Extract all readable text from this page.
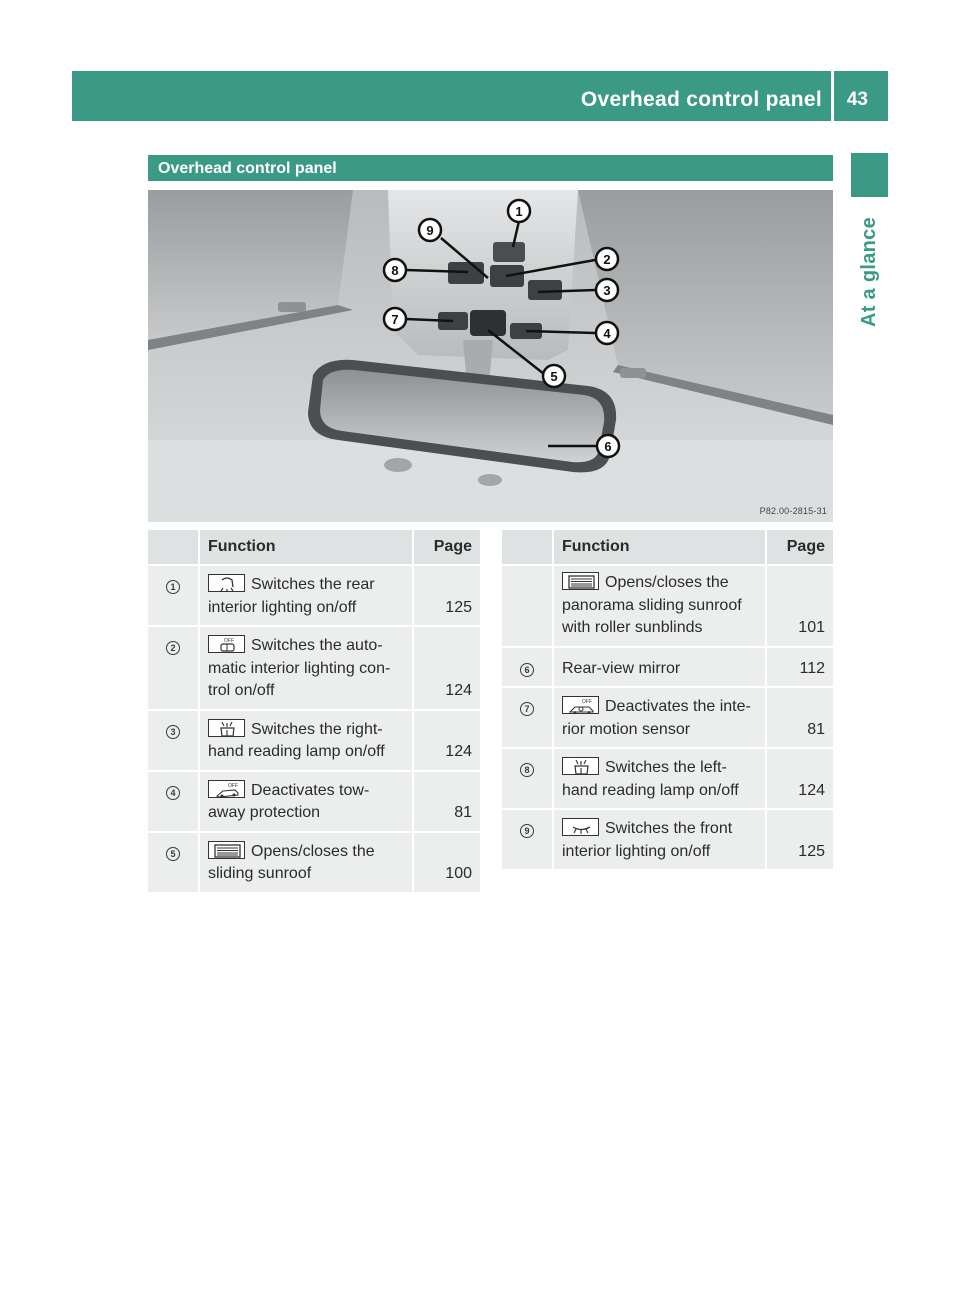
Overhead control panel 43
At a glance
Overhead control panel
1
2
3
4
5
6
7
8
9
P82.00-2815-31
	Function	Page
1	Switches the rear
interior lighting on/off	125
2	OFF Switches the auto-
matic interior lighting con-
trol on/off	124
3	Switches the right-
hand reading lamp on/off	124
4	OFF Deactivates tow-
away protection	81
5	Opens/closes the
sliding sunroof	100
	Function	Page

Opens/closes the
panorama sliding sunroof
with roller sunblinds	101
6	Rear-view mirror	112
7	OFF Deactivates the inte-
rior motion sensor	81
8	Switches the left-
hand reading lamp on/off	124
9	Switches the front
interior lighting on/off	125
